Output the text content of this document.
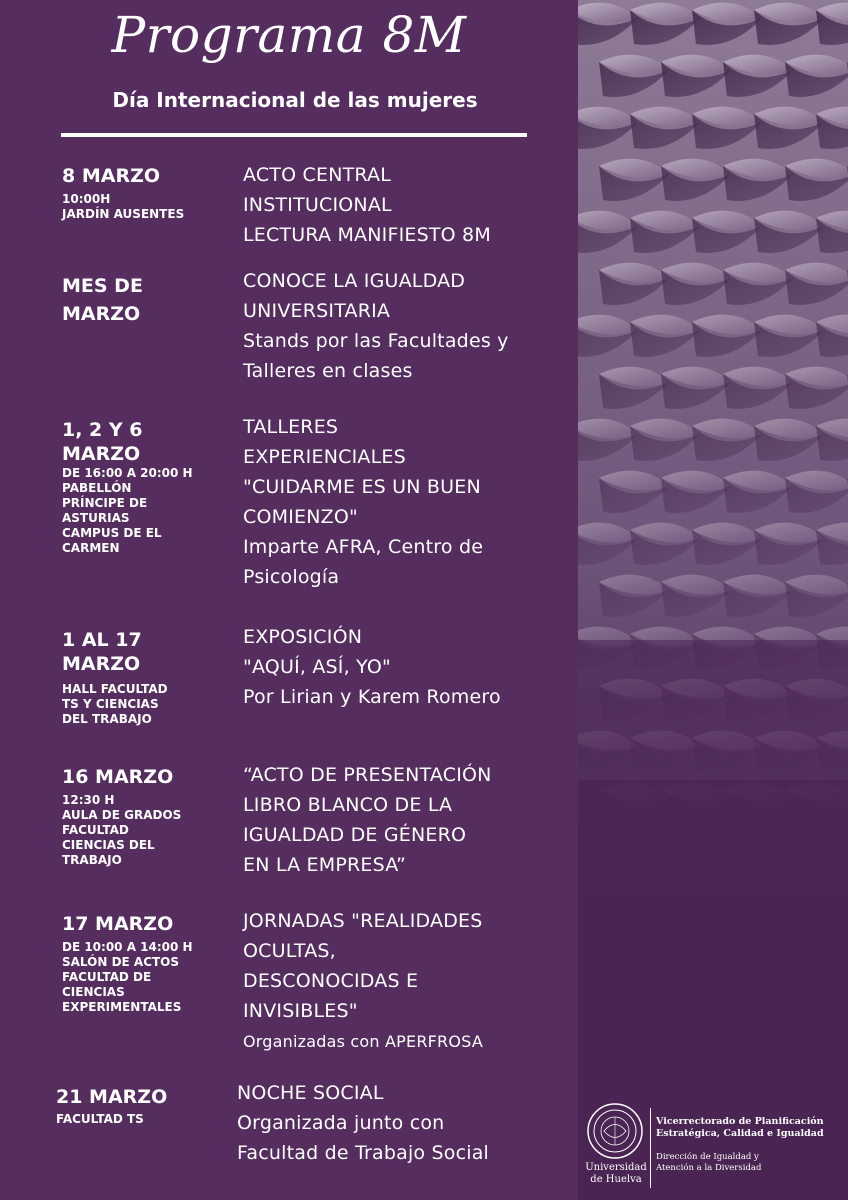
Programa 8M
Día Internacional de las mujeres
8 MARZO
10:00H
JARDÍN AUSENTES
ACTO CENTRAL
INSTITUCIONAL
LECTURA MANIFIESTO 8M
MES DE MARZO
CONOCE LA IGUALDAD
UNIVERSITARIA
Stands por las Facultades y
Talleres en clases
1, 2 Y 6 MARZO
DE 16:00 A 20:00 H
PABELLÓN
PRÍNCIPE DE
ASTURIAS
CAMPUS DE EL
CARMEN
TALLERES
EXPERIENCIALES
"CUIDARME ES UN BUEN
COMIENZO"
Imparte AFRA, Centro de
Psicología
1 AL 17 MARZO
HALL FACULTAD
TS Y CIENCIAS
DEL TRABAJO
EXPOSICIÓN
"AQUÍ, ASÍ, YO"
Por Lirian y Karem Romero
16 MARZO
12:30 H
AULA DE GRADOS
FACULTAD
CIENCIAS DEL
TRABAJO
“ACTO DE PRESENTACIÓN
LIBRO BLANCO DE LA
IGUALDAD DE GÉNERO
EN LA EMPRESA”
17 MARZO
DE 10:00 A 14:00 H
SALÓN DE ACTOS
FACULTAD DE
CIENCIAS
EXPERIMENTALES
JORNADAS "REALIDADES
OCULTAS,
DESCONOCIDAS E
INVISIBLES"
Organizadas con APERFROSA
21 MARZO
FACULTAD TS
NOCHE SOCIAL
Organizada junto con
Facultad de Trabajo Social
Universidad
de Huelva
Vicerrectorado de Planificación
Estratégica, Calidad e Igualdad
Dirección de Igualdad y
Atención a la Diversidad
